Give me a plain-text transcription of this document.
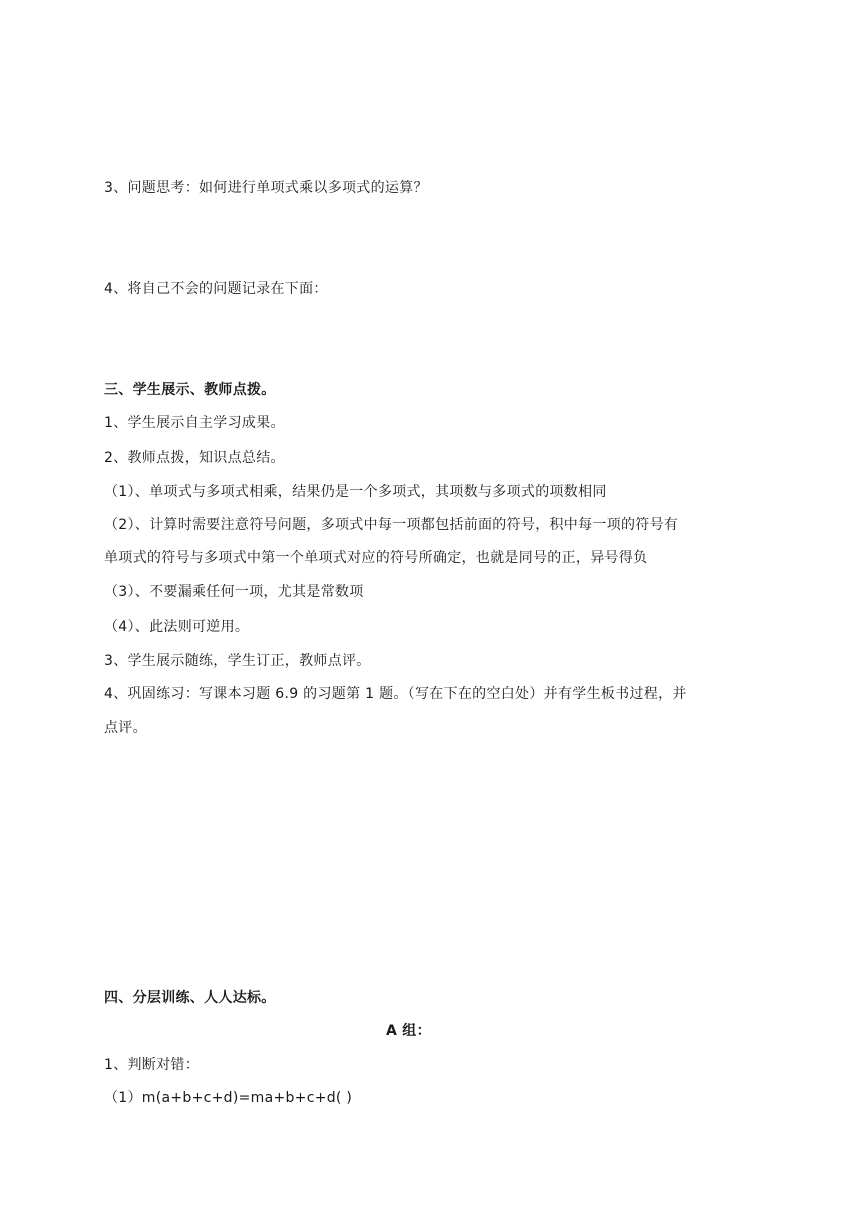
3、问题思考：如何进行单项式乘以多项式的运算？
4、将自己不会的问题记录在下面：
三、学生展示、教师点拨。
1、学生展示自主学习成果。
2、教师点拨，知识点总结。
（1）、单项式与多项式相乘，结果仍是一个多项式，其项数与多项式的项数相同
（2）、计算时需要注意符号问题，多项式中每一项都包括前面的符号，积中每一项的符号有
单项式的符号与多项式中第一个单项式对应的符号所确定，也就是同号的正，异号得负
（3）、不要漏乘任何一项，尤其是常数项
（4）、此法则可逆用。
3、学生展示随练，学生订正，教师点评。
4、巩固练习：写课本习题 6.9 的习题第 1 题。（写在下在的空白处）并有学生板书过程，并
点评。
四、分层训练、人人达标。
A 组：
1、判断对错：
（1）m(a+b+c+d)=ma+b+c+d( )
